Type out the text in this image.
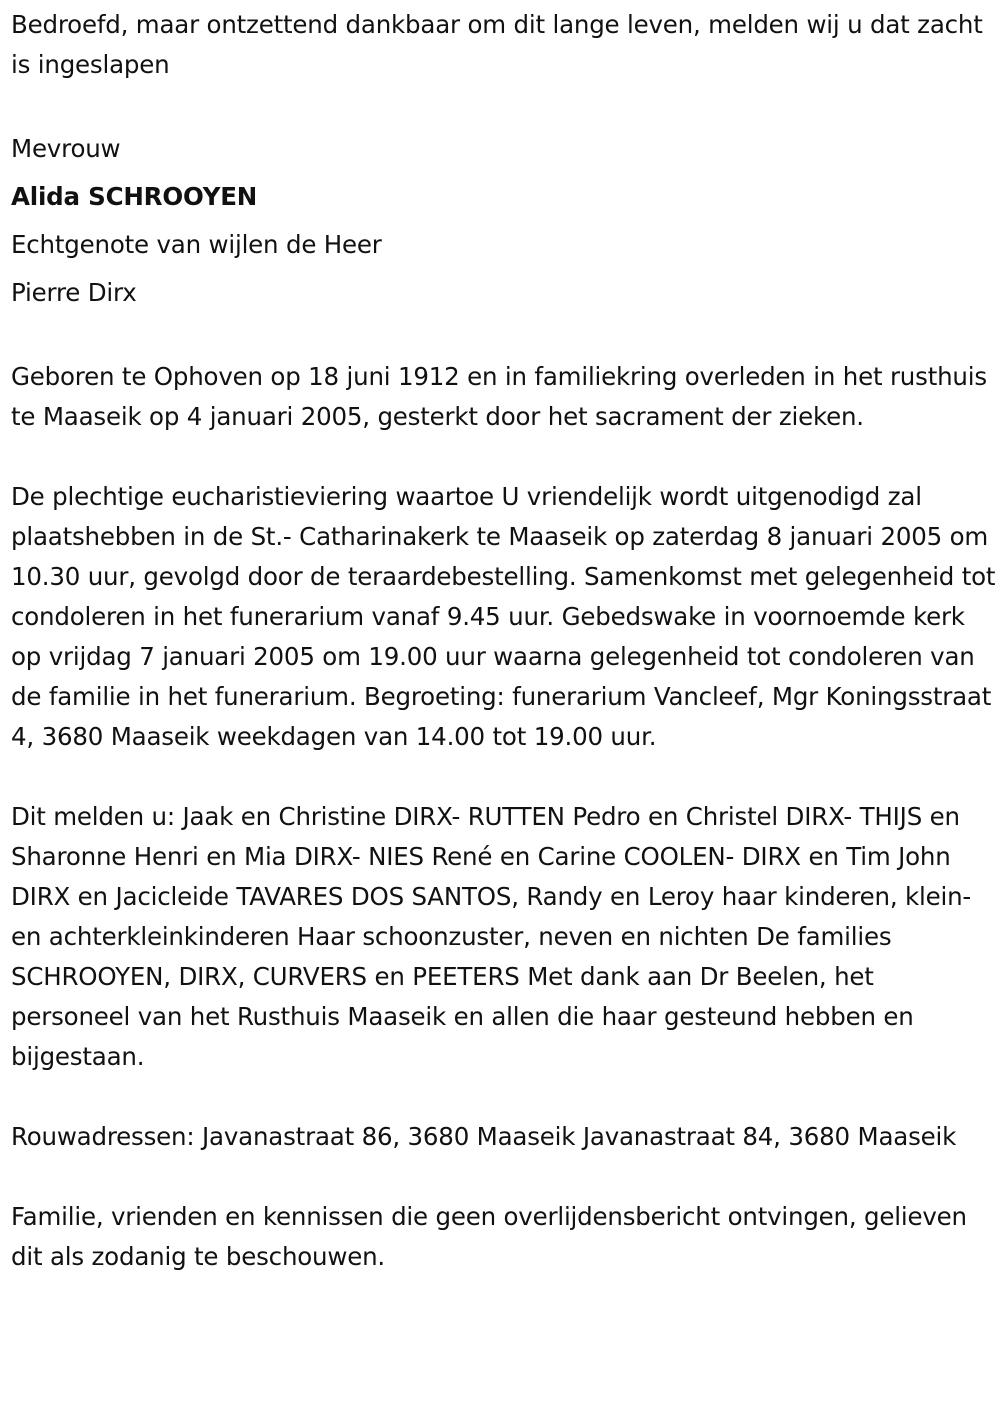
Bedroefd, maar ontzettend dankbaar om dit lange leven, melden wij u dat zacht is ingeslapen

Mevrouw

Alida SCHROOYEN

Echtgenote van wijlen de Heer

Pierre Dirx

Geboren te Ophoven op 18 juni 1912 en in familiekring overleden in het rusthuis te Maaseik op 4 januari 2005, gesterkt door het sacrament der zieken.

De plechtige eucharistieviering waartoe U vriendelijk wordt uitgenodigd zal plaatshebben in de St.- Catharinakerk te Maaseik op zaterdag 8 januari 2005 om 10.30 uur, gevolgd door de teraardebestelling. Samenkomst met gelegenheid tot condoleren in het funerarium vanaf 9.45 uur. Gebedswake in voornoemde kerk op vrijdag 7 januari 2005 om 19.00 uur waarna gelegenheid tot condoleren van de familie in het funerarium. Begroeting: funerarium Vancleef, Mgr Koningsstraat 4, 3680 Maaseik weekdagen van 14.00 tot 19.00 uur.

Dit melden u: Jaak en Christine DIRX- RUTTEN Pedro en Christel DIRX- THIJS en Sharonne Henri en Mia DIRX- NIES René en Carine COOLEN- DIRX en Tim John DIRX en Jacicleide TAVARES DOS SANTOS, Randy en Leroy haar kinderen, klein- en achterkleinkinderen Haar schoonzuster, neven en nichten De families SCHROOYEN, DIRX, CURVERS en PEETERS Met dank aan Dr Beelen, het personeel van het Rusthuis Maaseik en allen die haar gesteund hebben en bijgestaan.

Rouwadressen: Javanastraat 86, 3680 Maaseik Javanastraat 84, 3680 Maaseik

Familie, vrienden en kennissen die geen overlijdensbericht ontvingen, gelieven dit als zodanig te beschouwen.
